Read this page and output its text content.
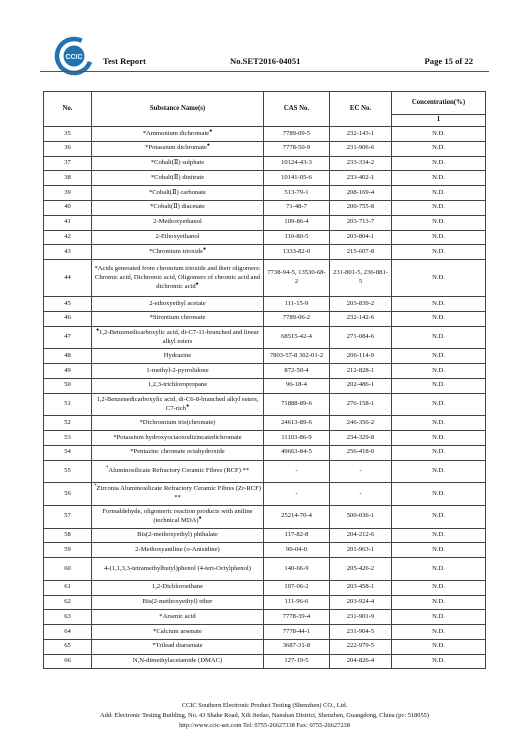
CCIC Test Report	No.SET2016-04051	Page 15 of 22
No.	Substance Name(s)	CAS No.	EC No.	Concentration(%)
				1
35	*Ammonium dichromate●	7789-09-5	232-143-1	N.D.
36	*Potassium dichromate●	7778-50-9	231-906-6	N.D.
37	*Cobalt(Ⅱ) sulphate	10124-43-3	233-334-2	N.D.
38	*Cobalt(Ⅱ) dinitrate	10141-05-6	233-402-1	N.D.
39	*Cobalt(Ⅱ) carbonate	513-79-1	208-169-4	N.D.
40	*Cobalt(Ⅱ) diacetate	71-48-7	200-755-8	N.D.
41	2-Methoxyethanol	109-86-4	203-713-7	N.D.
42	2-Ethoxyethanol	110-80-5	203-804-1	N.D.
43	*Chromium trioxide●	1333-82-0	215-607-8	N.D.
44	*Acids generated from chromium trioxide and their oligomers: Chromic acid, Dichromic acid, Oligomers of chromic acid and dichromic acid●	7738-94-5, 13530-68-2	231-801-5, 236-881-5	N.D.
45	2-ethoxyethyl acetate	111-15-9	203-839-2	N.D.
46	*Strontium chromate	7789-06-2	232-142-6	N.D.
47	●1,2-Benzenedicarboxylic acid, di-C7-11-branched and linear alkyl esters	68515-42-4	271-084-6	N.D.
48	Hydrazine	7803-57-8 302-01-2	206-114-9	N.D.
49	1-methyl-2-pyrrolidone	872-50-4	212-828-1	N.D.
50	1,2,3-trichloropropane	96-18-4	202-486-1	N.D.
51	1,2-Benzenedicarboxylic acid, di-C6-8-branched alkyl esters, C7-rich●	71888-89-6	276-158-1	N.D.
52	*Dichromium tris(chromate)	24613-89-6	246-356-2	N.D.
53	*Potassium hydroxyoctaoxodizincatedichromate	11103-86-9	234-329-8	N.D.
54	*Pentazinc chromate octahydroxide	49663-84-5	256-418-0	N.D.
55	*Aluminosilicate Refractory Ceramic Fibres (RCF) **	-	-	N.D.
56	*Zirconia Aluminosilicate Refractory Ceramic Fibres (Zr-RCF) **	-	-	N.D.
57	Formaldehyde, oligomeric reaction products with aniline (technical MDA)●	25214-70-4	500-036-1	N.D.
58	Bis(2-methoxyethyl) phthalate	117-82-8	204-212-6	N.D.
59	2-Methoxyaniline (o-Anisidine)	90-04-0	201-963-1	N.D.
60	4-(1,1,3,3-tetramethylbutyl)phenol (4-tert-Octylphenol)	140-66-9	205-426-2	N.D.
61	1,2-Dichloroethane	107-06-2	203-458-1	N.D.
62	Bis(2-methoxyethyl) ether	111-96-6	203-924-4	N.D.
63	*Arsenic acid	7778-39-4	231-901-9	N.D.
64	*Calcium arsenate	7778-44-1	231-904-5	N.D.
65	*Trilead diarsenate	3687-31-8	222-979-5	N.D.
66	N,N-dimethylacetamide (DMAC)	127-19-5	204-826-4	N.D.
CCIC Southern Electronic Product Testing (Shenzhen) CO., Ltd.
Add: Electronic Testing Building, No. 43 Shahe Road, Xili Jiedao, Nanshan District, Shenzhen, Guangdong, China (pc: 518055)
http://www.ccic-set.com Tel: 0755-26627338 Fax: 0755-26627238
